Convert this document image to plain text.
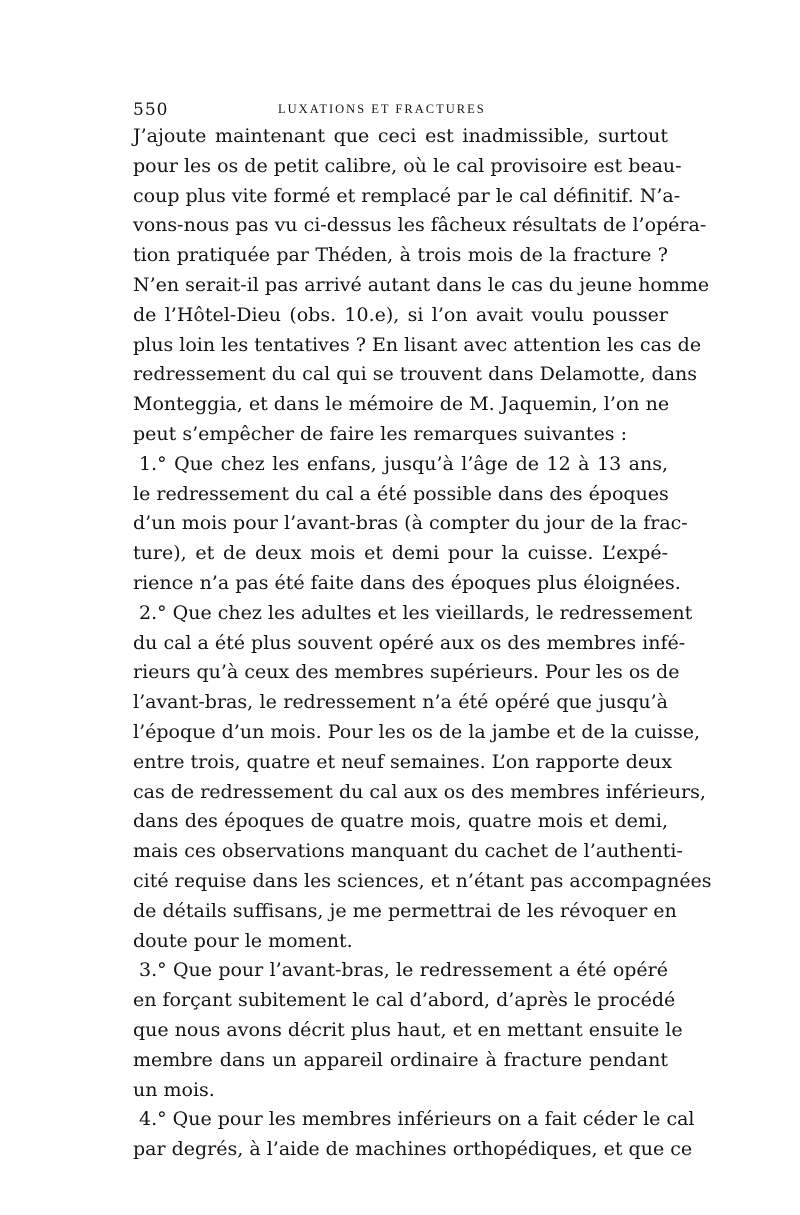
550	LUXATIONS ET FRACTURES
J’ajoute maintenant que ceci est inadmissible, surtout
pour les os de petit calibre, où le cal provisoire est beau-
coup plus vite formé et remplacé par le cal définitif. N’a-
vons-nous pas vu ci-dessus les fâcheux résultats de l’opéra-
tion pratiquée par Théden, à trois mois de la fracture ?
N’en serait-il pas arrivé autant dans le cas du jeune homme
de l’Hôtel-Dieu (obs. 10.e), si l’on avait voulu pousser
plus loin les tentatives ? En lisant avec attention les cas de
redressement du cal qui se trouvent dans Delamotte, dans
Monteggia, et dans le mémoire de M. Jaquemin, l’on ne
peut s’empêcher de faire les remarques suivantes :
1.° Que chez les enfans, jusqu’à l’âge de 12 à 13 ans,
le redressement du cal a été possible dans des époques
d’un mois pour l’avant-bras (à compter du jour de la frac-
ture), et de deux mois et demi pour la cuisse. L’expé-
rience n’a pas été faite dans des époques plus éloignées.
2.° Que chez les adultes et les vieillards, le redressement
du cal a été plus souvent opéré aux os des membres infé-
rieurs qu’à ceux des membres supérieurs. Pour les os de
l’avant-bras, le redressement n’a été opéré que jusqu’à
l’époque d’un mois. Pour les os de la jambe et de la cuisse,
entre trois, quatre et neuf semaines. L’on rapporte deux
cas de redressement du cal aux os des membres inférieurs,
dans des époques de quatre mois, quatre mois et demi,
mais ces observations manquant du cachet de l’authenti-
cité requise dans les sciences, et n’étant pas accompagnées
de détails suffisans, je me permettrai de les révoquer en
doute pour le moment.
3.° Que pour l’avant-bras, le redressement a été opéré
en forçant subitement le cal d’abord, d’après le procédé
que nous avons décrit plus haut, et en mettant ensuite le
membre dans un appareil ordinaire à fracture pendant
un mois.
4.° Que pour les membres inférieurs on a fait céder le cal
par degrés, à l’aide de machines orthopédiques, et que ce
